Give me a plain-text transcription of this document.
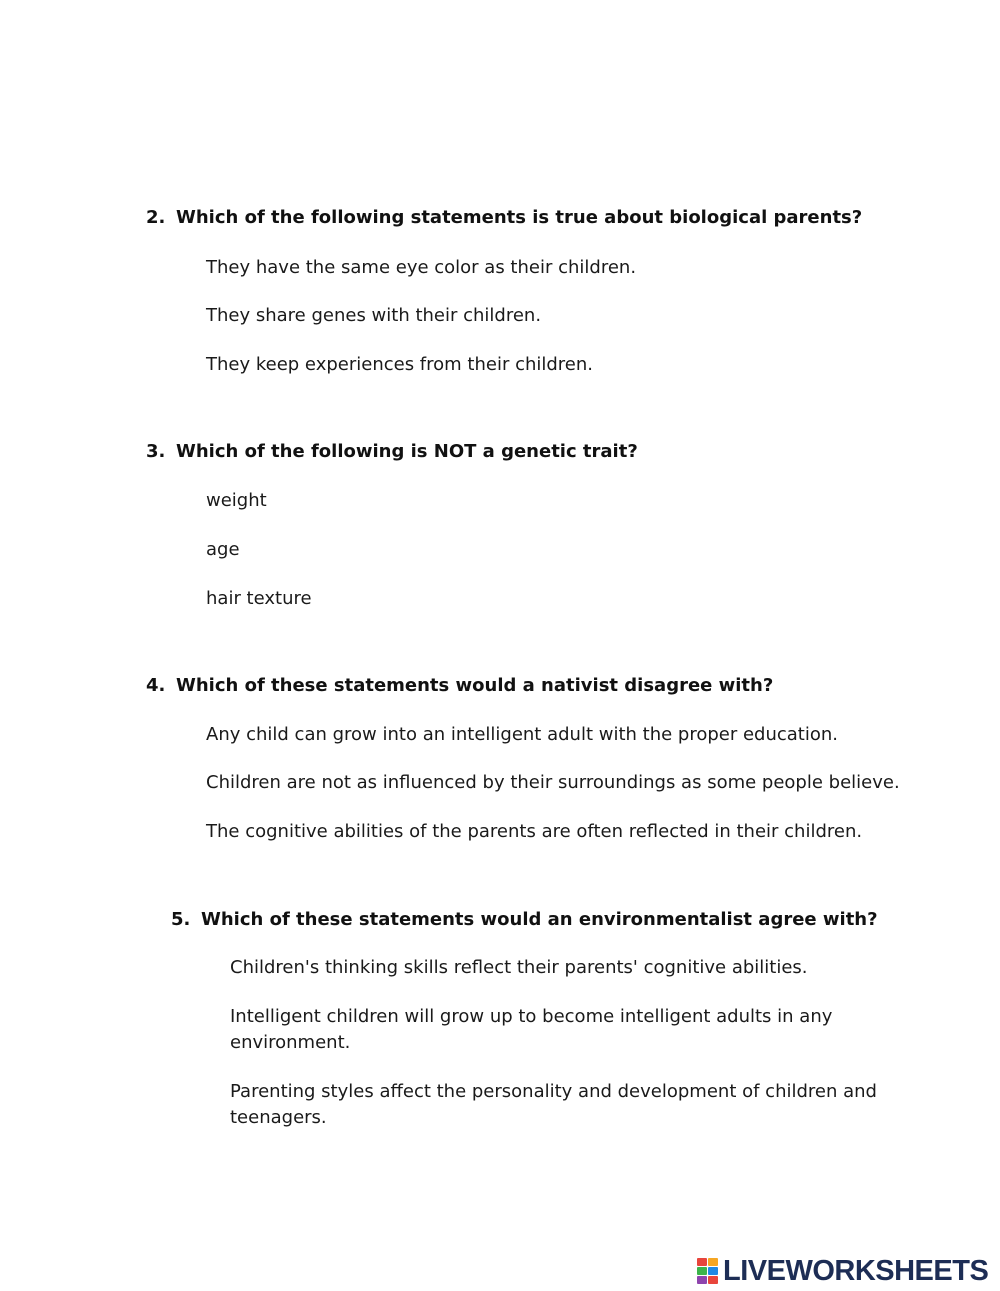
2. Which of the following statements is true about biological parents?
They have the same eye color as their children.
They share genes with their children.
They keep experiences from their children.
3. Which of the following is NOT a genetic trait?
weight
age
hair texture
4. Which of these statements would a nativist disagree with?
Any child can grow into an intelligent adult with the proper education.
Children are not as influenced by their surroundings as some people believe.
The cognitive abilities of the parents are often reflected in their children.
5. Which of these statements would an environmentalist agree with?
Children's thinking skills reflect their parents' cognitive abilities.
Intelligent children will grow up to become intelligent adults in any environment.
Parenting styles affect the personality and development of children and teenagers.
LIVEWORKSHEETS
